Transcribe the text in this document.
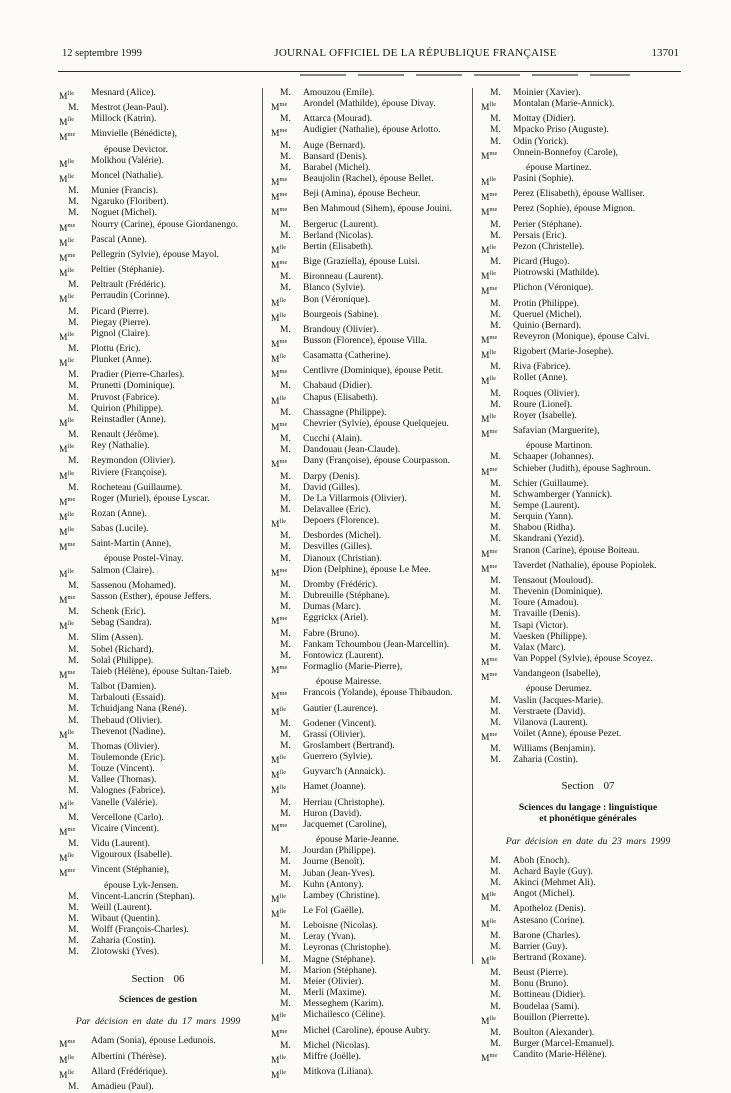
12 septembre 1999	JOURNAL OFFICIEL DE LA RÉPUBLIQUE FRANÇAISE	13701
$M^{lle}$	Mesnard (Alice).
M.	Mestrot (Jean-Paul).
$M^{lle}$	Millock (Katrin).
$M^{me}$	Minvielle (Bénédicte),
épouse Devictor.
$M^{lle}$	Molkhou (Valérie).
$M^{lle}$	Moncel (Nathalie).
M.	Munier (Francis).
M.	Ngaruko (Floribert).
M.	Noguet (Michel).
$M^{me}$	Nourry (Carine), épouse Giordanengo.
$M^{lle}$	Pascal (Anne).
$M^{me}$	Pellegrin (Sylvie), épouse Mayol.
$M^{lle}$	Peltier (Stéphanie).
M.	Peltrault (Frédéric).
$M^{lle}$	Perraudin (Corinne).
M.	Picard (Pierre).
M.	Piegay (Pierre).
$M^{lle}$	Pignol (Claire).
M.	Plottu (Eric).
$M^{lle}$	Plunket (Anne).
M.	Pradier (Pierre-Charles).
M.	Prunetti (Dominique).
M.	Pruvost (Fabrice).
M.	Quirion (Philippe).
$M^{lle}$	Reinstadler (Anne).
M.	Renault (Jérôme).
$M^{lle}$	Rey (Nathalie).
M.	Reymondon (Olivier).
$M^{lle}$	Riviere (Françoise).
M.	Rocheteau (Guillaume).
$M^{me}$	Roger (Muriel), épouse Lyscar.
$M^{lle}$	Rozan (Anne).
$M^{lle}$	Sabas (Lucile).
$M^{me}$	Saint-Martin (Anne),
épouse Postel-Vinay.
$M^{lle}$	Salmon (Claire).
M.	Sassenou (Mohamed).
$M^{me}$	Sasson (Esther), épouse Jeffers.
M.	Schenk (Eric).
$M^{lle}$	Sebag (Sandra).
M.	Slim (Assen).
M.	Sobel (Richard).
M.	Solal (Philippe).
$M^{me}$	Taieb (Hélène), épouse Sultan-Taieb.
M.	Talbot (Damien).
M.	Tarbalouti (Essaid).
M.	Tchuidjang Nana (René).
M.	Thebaud (Olivier).
$M^{lle}$	Thevenot (Nadine).
M.	Thomas (Olivier).
M.	Toulemonde (Eric).
M.	Touze (Vincent).
M.	Vallee (Thomas).
M.	Valognes (Fabrice).
$M^{lle}$	Vanelle (Valérie).
M.	Vercellone (Carlo).
$M^{me}$	Vicaire (Vincent).
M.	Vidu (Laurent).
$M^{lle}$	Vigouroux (Isabelle).
$M^{me}$	Vincent (Stéphanie),
épouse Lyk-Jensen.
M.	Vincent-Lancrin (Stephan).
M.	Weill (Laurent).
M.	Wibaut (Quentin).
M.	Wolff (François-Charles).
M.	Zaharia (Costin).
M.	Zlotowski (Yves).
Section 06
Sciences de gestion
Par décision en date du 17 mars 1999
$M^{me}$	Adam (Sonia), épouse Ledunois.
$M^{lle}$	Albertini (Thérèse).
$M^{lle}$	Allard (Frédérique).
M.	Amadieu (Paul).
M.	Amouzou (Emile).
$M^{me}$	Arondel (Mathilde), épouse Divay.
M.	Attarca (Mourad).
$M^{me}$	Audigier (Nathalie), épouse Arlotto.
M.	Auge (Bernard).
M.	Bansard (Denis).
M.	Barabel (Michel).
$M^{me}$	Beaujolin (Rachel), épouse Bellet.
$M^{me}$	Beji (Amina), épouse Becheur.
$M^{me}$	Ben Mahmoud (Sihem), épouse Jouini.
M.	Bergeruc (Laurent).
M.	Berland (Nicolas).
$M^{lle}$	Bertin (Elisabeth).
$M^{me}$	Bige (Graziella), épouse Luisi.
M.	Bironneau (Laurent).
M.	Blanco (Sylvie).
$M^{lle}$	Bon (Véronique).
$M^{lle}$	Bourgeois (Sabine).
M.	Brandouy (Olivier).
$M^{me}$	Busson (Florence), épouse Villa.
$M^{lle}$	Casamatta (Catherine).
$M^{me}$	Centlivre (Dominique), épouse Petit.
M.	Chabaud (Didier).
$M^{lle}$	Chapus (Elisabeth).
M.	Chassagne (Philippe).
$M^{me}$	Chevrier (Sylvie), épouse Quelquejeu.
M.	Cucchi (Alain).
M.	Dandouau (Jean-Claude).
$M^{me}$	Dany (Françoise), épouse Courpasson.
M.	Darpy (Denis).
M.	David (Gilles).
M.	De La Villarmois (Olivier).
M.	Delavallee (Eric).
$M^{lle}$	Depoers (Florence).
M.	Desbordes (Michel).
M.	Desvilles (Gilles).
M.	Dianoux (Christian).
$M^{me}$	Dion (Delphine), épouse Le Mee.
M.	Dromby (Frédéric).
M.	Dubreuille (Stéphane).
M.	Dumas (Marc).
$M^{me}$	Eggrickx (Ariel).
M.	Fabre (Bruno).
M.	Fankam Tchoumbou (Jean-Marcellin).
M.	Fontowicz (Laurent).
$M^{me}$	Formaglio (Marie-Pierre),
épouse Mairesse.
$M^{me}$	Francois (Yolande), épouse Thibaudon.
$M^{lle}$	Gautier (Laurence).
M.	Godener (Vincent).
M.	Grassi (Olivier).
M.	Groslambert (Bertrand).
$M^{lle}$	Guerrero (Sylvie).
$M^{lle}$	Guyvarc'h (Annaick).
$M^{lle}$	Hamet (Joanne).
M.	Herriau (Christophe).
M.	Huron (David).
$M^{me}$	Jacquemet (Caroline),
épouse Marie-Jeanne.
M.	Jourdan (Philippe).
M.	Journe (Benoît).
M.	Juban (Jean-Yves).
M.	Kuhn (Antony).
$M^{lle}$	Lambey (Christine).
$M^{lle}$	Le Fol (Gaëlle).
M.	Leboisne (Nicolas).
M.	Leray (Yvan).
M.	Leyronas (Christophe).
M.	Magne (Stéphane).
M.	Marion (Stéphane).
M.	Meier (Olivier).
M.	Merli (Maxime).
M.	Messeghem (Karim).
$M^{lle}$	Michailesco (Céline).
$M^{me}$	Michel (Caroline), épouse Aubry.
M.	Michel (Nicolas).
$M^{lle}$	Miffre (Joëlle).
$M^{lle}$	Mitkova (Liliana).
M.	Moinier (Xavier).
$M^{lle}$	Montalan (Marie-Annick).
M.	Mottay (Didier).
M.	Mpacko Priso (Auguste).
M.	Odin (Yorick).
$M^{me}$	Onnein-Bonnefoy (Carole),
épouse Martinez.
$M^{lle}$	Pasini (Sophie).
$M^{me}$	Perez (Elisabeth), épouse Walliser.
$M^{me}$	Perez (Sophie), épouse Mignon.
M.	Perier (Stéphane).
M.	Persais (Eric).
$M^{lle}$	Pezon (Christelle).
M.	Picard (Hugo).
$M^{lle}$	Piotrowski (Mathilde).
$M^{me}$	Plichon (Véronique).
M.	Protin (Philippe).
M.	Queruel (Michel).
M.	Quinio (Bernard).
$M^{me}$	Reveyron (Monique), épouse Calvi.
$M^{lle}$	Rigobert (Marie-Josephe).
M.	Riva (Fabrice).
$M^{lle}$	Rollet (Anne).
M.	Roques (Olivier).
M.	Roure (Lionel).
$M^{lle}$	Royer (Isabelle).
$M^{me}$	Safavian (Marguerite),
épouse Martinon.
M.	Schaaper (Johannes).
$M^{me}$	Schieber (Judith), épouse Saghroun.
M.	Schier (Guillaume).
M.	Schwamberger (Yannick).
M.	Sempe (Laurent).
M.	Serquin (Yann).
M.	Shabou (Ridha).
M.	Skandrani (Yezid).
$M^{me}$	Sranon (Carine), épouse Boiteau.
$M^{me}$	Taverdet (Nathalie), épouse Popiolek.
M.	Tensaout (Mouloud).
M.	Thevenin (Dominique).
M.	Toure (Amadou).
M.	Travaille (Denis).
M.	Tsapi (Victor).
M.	Vaesken (Philippe).
M.	Valax (Marc).
$M^{me}$	Van Poppel (Sylvie), épouse Scoyez.
$M^{me}$	Vandangeon (Isabelle),
épouse Derumez.
M.	Vaslin (Jacques-Marie).
M.	Verstraete (David).
M.	Vilanova (Laurent).
$M^{me}$	Voilet (Anne), épouse Pezet.
M.	Williams (Benjamin).
M.	Zaharia (Costin).
Section 07
Sciences du langage : linguistique
et phonétique générales
Par décision en date du 23 mars 1999
M.	Aboh (Enoch).
M.	Achard Bayle (Guy).
M.	Akinci (Mehmet Ali).
$M^{lle}$	Angot (Michel).
M.	Apotheloz (Denis).
$M^{lle}$	Astesano (Corine).
M.	Barone (Charles).
M.	Barrier (Guy).
$M^{lle}$	Bertrand (Roxane).
M.	Beust (Pierre).
M.	Bonu (Bruno).
M.	Bottineau (Didier).
M.	Boudelaa (Sami).
$M^{lle}$	Bouillon (Pierrette).
M.	Boulton (Alexander).
M.	Burger (Marcel-Emanuel).
$M^{me}$	Candito (Marie-Hélène).
